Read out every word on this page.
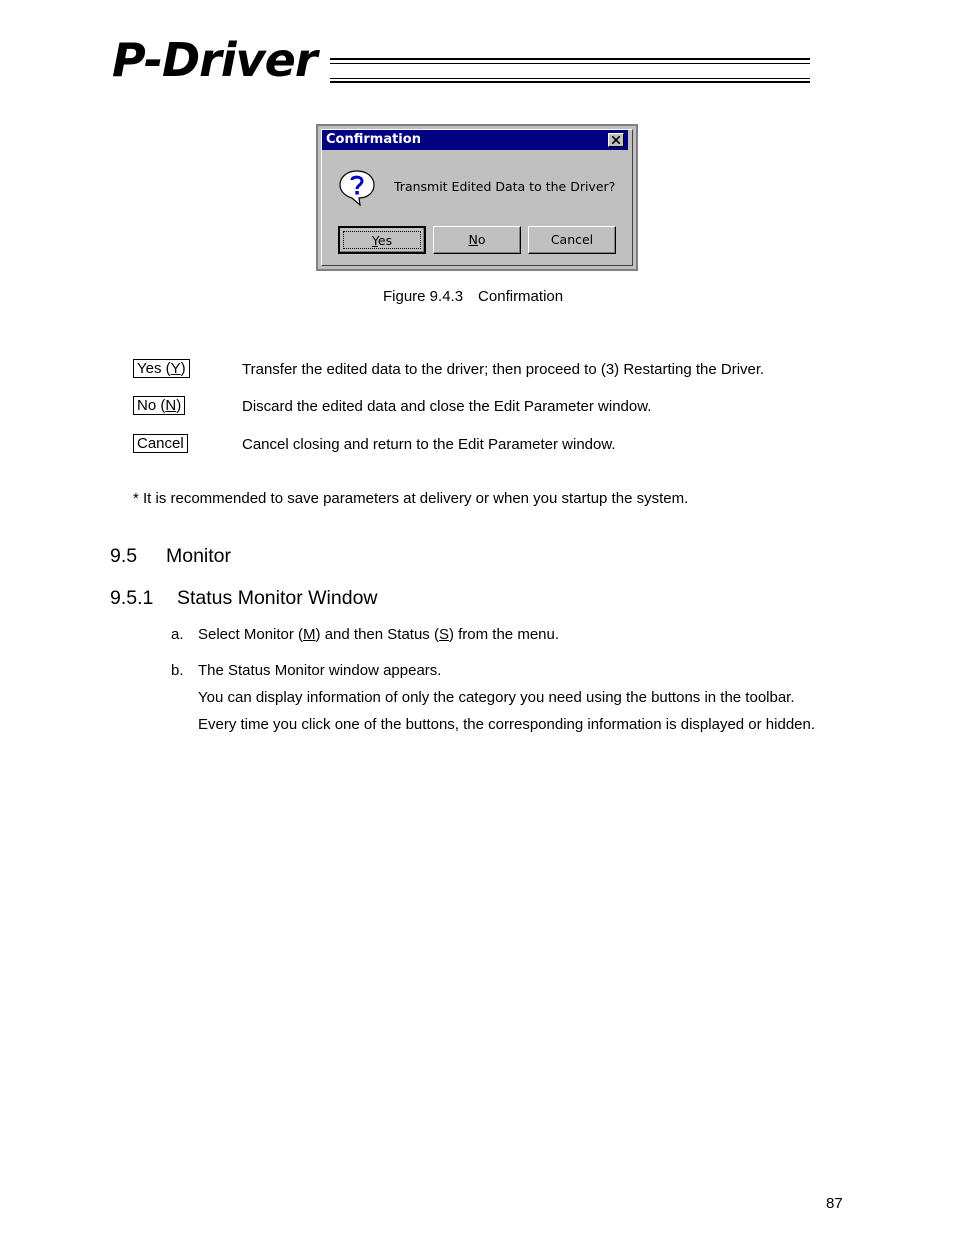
P-Driver
Confirmation
Transmit Edited Data to the Driver?
Yes	No	Cancel
Figure 9.4.3　Confirmation
Yes (Y)	Transfer the edited data to the driver; then proceed to (3) Restarting the Driver.
No (N)	Discard the edited data and close the Edit Parameter window.
Cancel	Cancel closing and return to the Edit Parameter window.
* It is recommended to save parameters at delivery or when you startup the system.
9.5 Monitor
9.5.1 Status Monitor Window
a. Select Monitor (M) and then Status (S) from the menu.
b. The Status Monitor window appears.
You can display information of only the category you need using the buttons in the toolbar.
Every time you click one of the buttons, the corresponding information is displayed or hidden.
87
